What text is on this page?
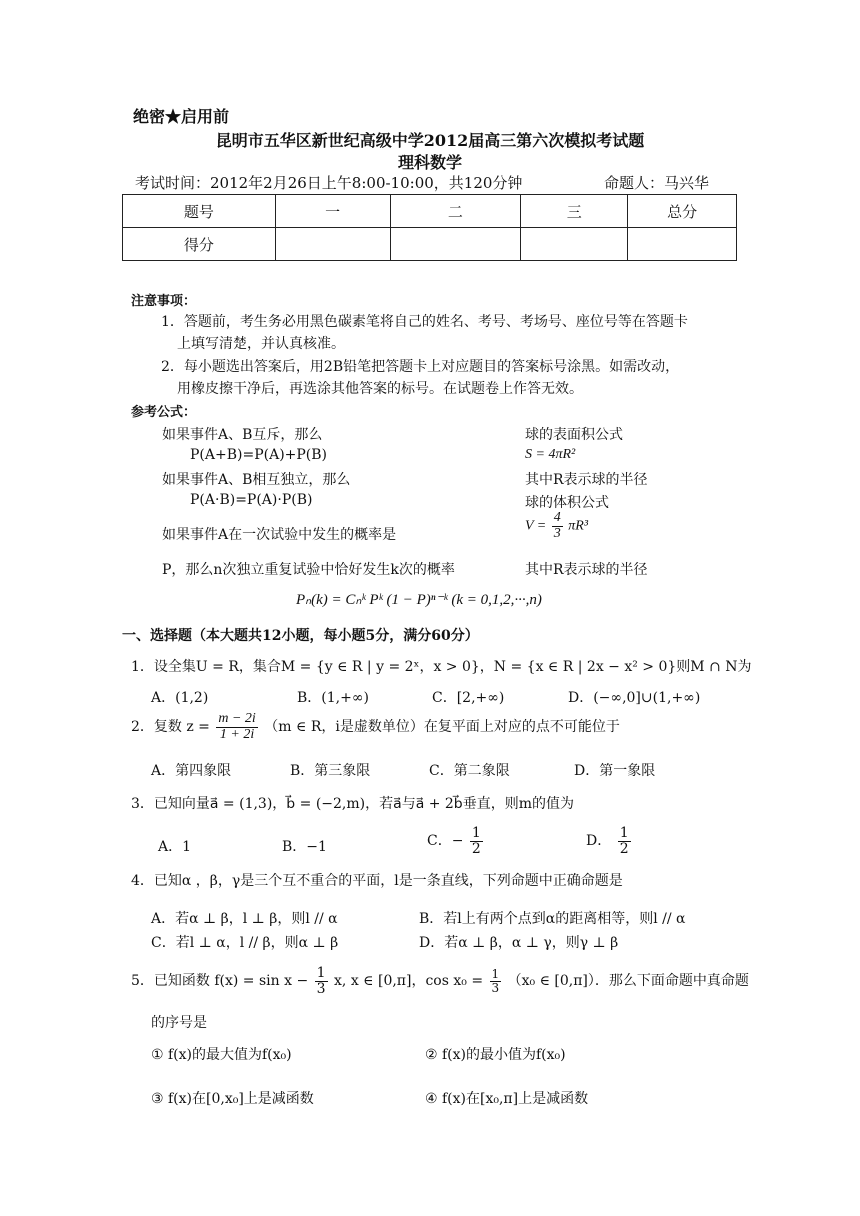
绝密★启用前
昆明市五华区新世纪高级中学2012届高三第六次模拟考试题
理科数学
考试时间：2012年2月26日上午8:00-10:00，共120分钟	命题人：马兴华
题号	一	二	三	总分
得分				
注意事项：
1．答题前，考生务必用黑色碳素笔将自己的姓名、考号、考场号、座位号等在答题卡
上填写清楚，并认真核准。
2．每小题选出答案后，用2B铅笔把答题卡上对应题目的答案标号涂黑。如需改动，
用橡皮擦干净后，再选涂其他答案的标号。在试题卷上作答无效。
参考公式：
如果事件A、B互斥，那么
P(A+B)=P(A)+P(B)
如果事件A、B相互独立，那么
P(A·B)=P(A)·P(B)
如果事件A在一次试验中发生的概率是
P，那么n次独立重复试验中恰好发生k次的概率
球的表面积公式
S = 4πR²
其中R表示球的半径
球的体积公式
$V = \frac{4}{3} \pi R^3$
其中R表示球的半径
Pₙ(k) = Cₙᵏ Pᵏ (1 − P)ⁿ⁻ᵏ (k = 0,1,2,···,n)
一、选择题（本大题共12小题，每小题5分，满分60分）
1．设全集U = R，集合M = {y ∈ R | y = 2ˣ，x > 0}，N = {x ∈ R | 2x − x² > 0}则M ∩ N为
A．(1,2)	B．(1,+∞)	C．[2,+∞)	D．(−∞,0]∪(1,+∞)
2．复数 $z = \frac{m - 2i}{1 + 2i} (m$ ∈ R，i是虚数单位）在复平面上对应的点不可能位于
A．第四象限	B．第三象限	C．第二象限	D．第一象限
3．已知向量a⃗ = (1,3)，b⃗ = (−2,m)，若a⃗与a⃗ + 2b⃗垂直，则m的值为
A．1	B．−1	C．− $\frac{1}{2}$	D． $\frac{1}{2}$
4．已知α ，β，γ是三个互不重合的平面，l是一条直线，下列命题中正确命题是
A．若α ⊥ β，l ⊥ β，则l // α	B．若l上有两个点到α的距离相等，则l // α
C．若l ⊥ α，l // β，则α ⊥ β	D．若α ⊥ β，α ⊥ γ，则γ ⊥ β
5．已知函数 $f(x) = \sin x - \frac{1}{3} x$, x ∈ [0,π]，$\cos x_0 = \frac{1}{3} (x_0$ ∈ [0,π]）．那么下面命题中真命题
的序号是
① f(x)的最大值为f(x₀)	② f(x)的最小值为f(x₀)
③ f(x)在[0,x₀]上是减函数	④ f(x)在[x₀,π]上是减函数
